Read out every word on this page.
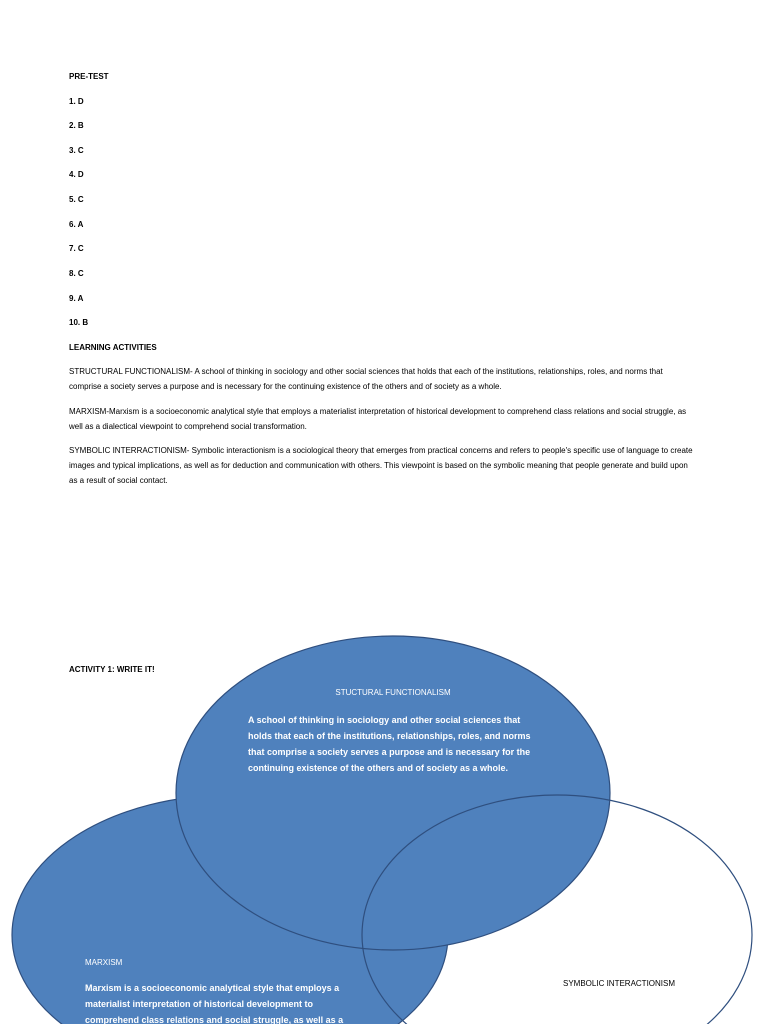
PRE-TEST
1. D
2. B
3. C
4. D
5. C
6. A
7. C
8. C
9. A
10. B
LEARNING ACTIVITIES
STRUCTURAL FUNCTIONALISM- A school of thinking in sociology and other social sciences that holds that each of the institutions, relationships, roles, and norms that comprise a society serves a purpose and is necessary for the continuing existence of the others and of society as a whole.
MARXISM-Marxism is a socioeconomic analytical style that employs a materialist interpretation of historical development to comprehend class relations and social struggle, as well as a dialectical viewpoint to comprehend social transformation.
SYMBOLIC INTERRACTIONISM- Symbolic interactionism is a sociological theory that emerges from practical concerns and refers to people's specific use of language to create images and typical implications, as well as for deduction and communication with others. This viewpoint is based on the symbolic meaning that people generate and build upon as a result of social contact.
ACTIVITY 1: WRITE IT!
STUCTURAL FUNCTIONALISM
A school of thinking in sociology and other social sciences that holds that each of the institutions, relationships, roles, and norms that comprise a society serves a purpose and is necessary for the continuing existence of the others and of society as a whole.
MARXISM
Marxism is a socioeconomic analytical style that employs a materialist interpretation of historical development to comprehend class relations and social struggle, as well as a
SYMBOLIC INTERACTIONISM
